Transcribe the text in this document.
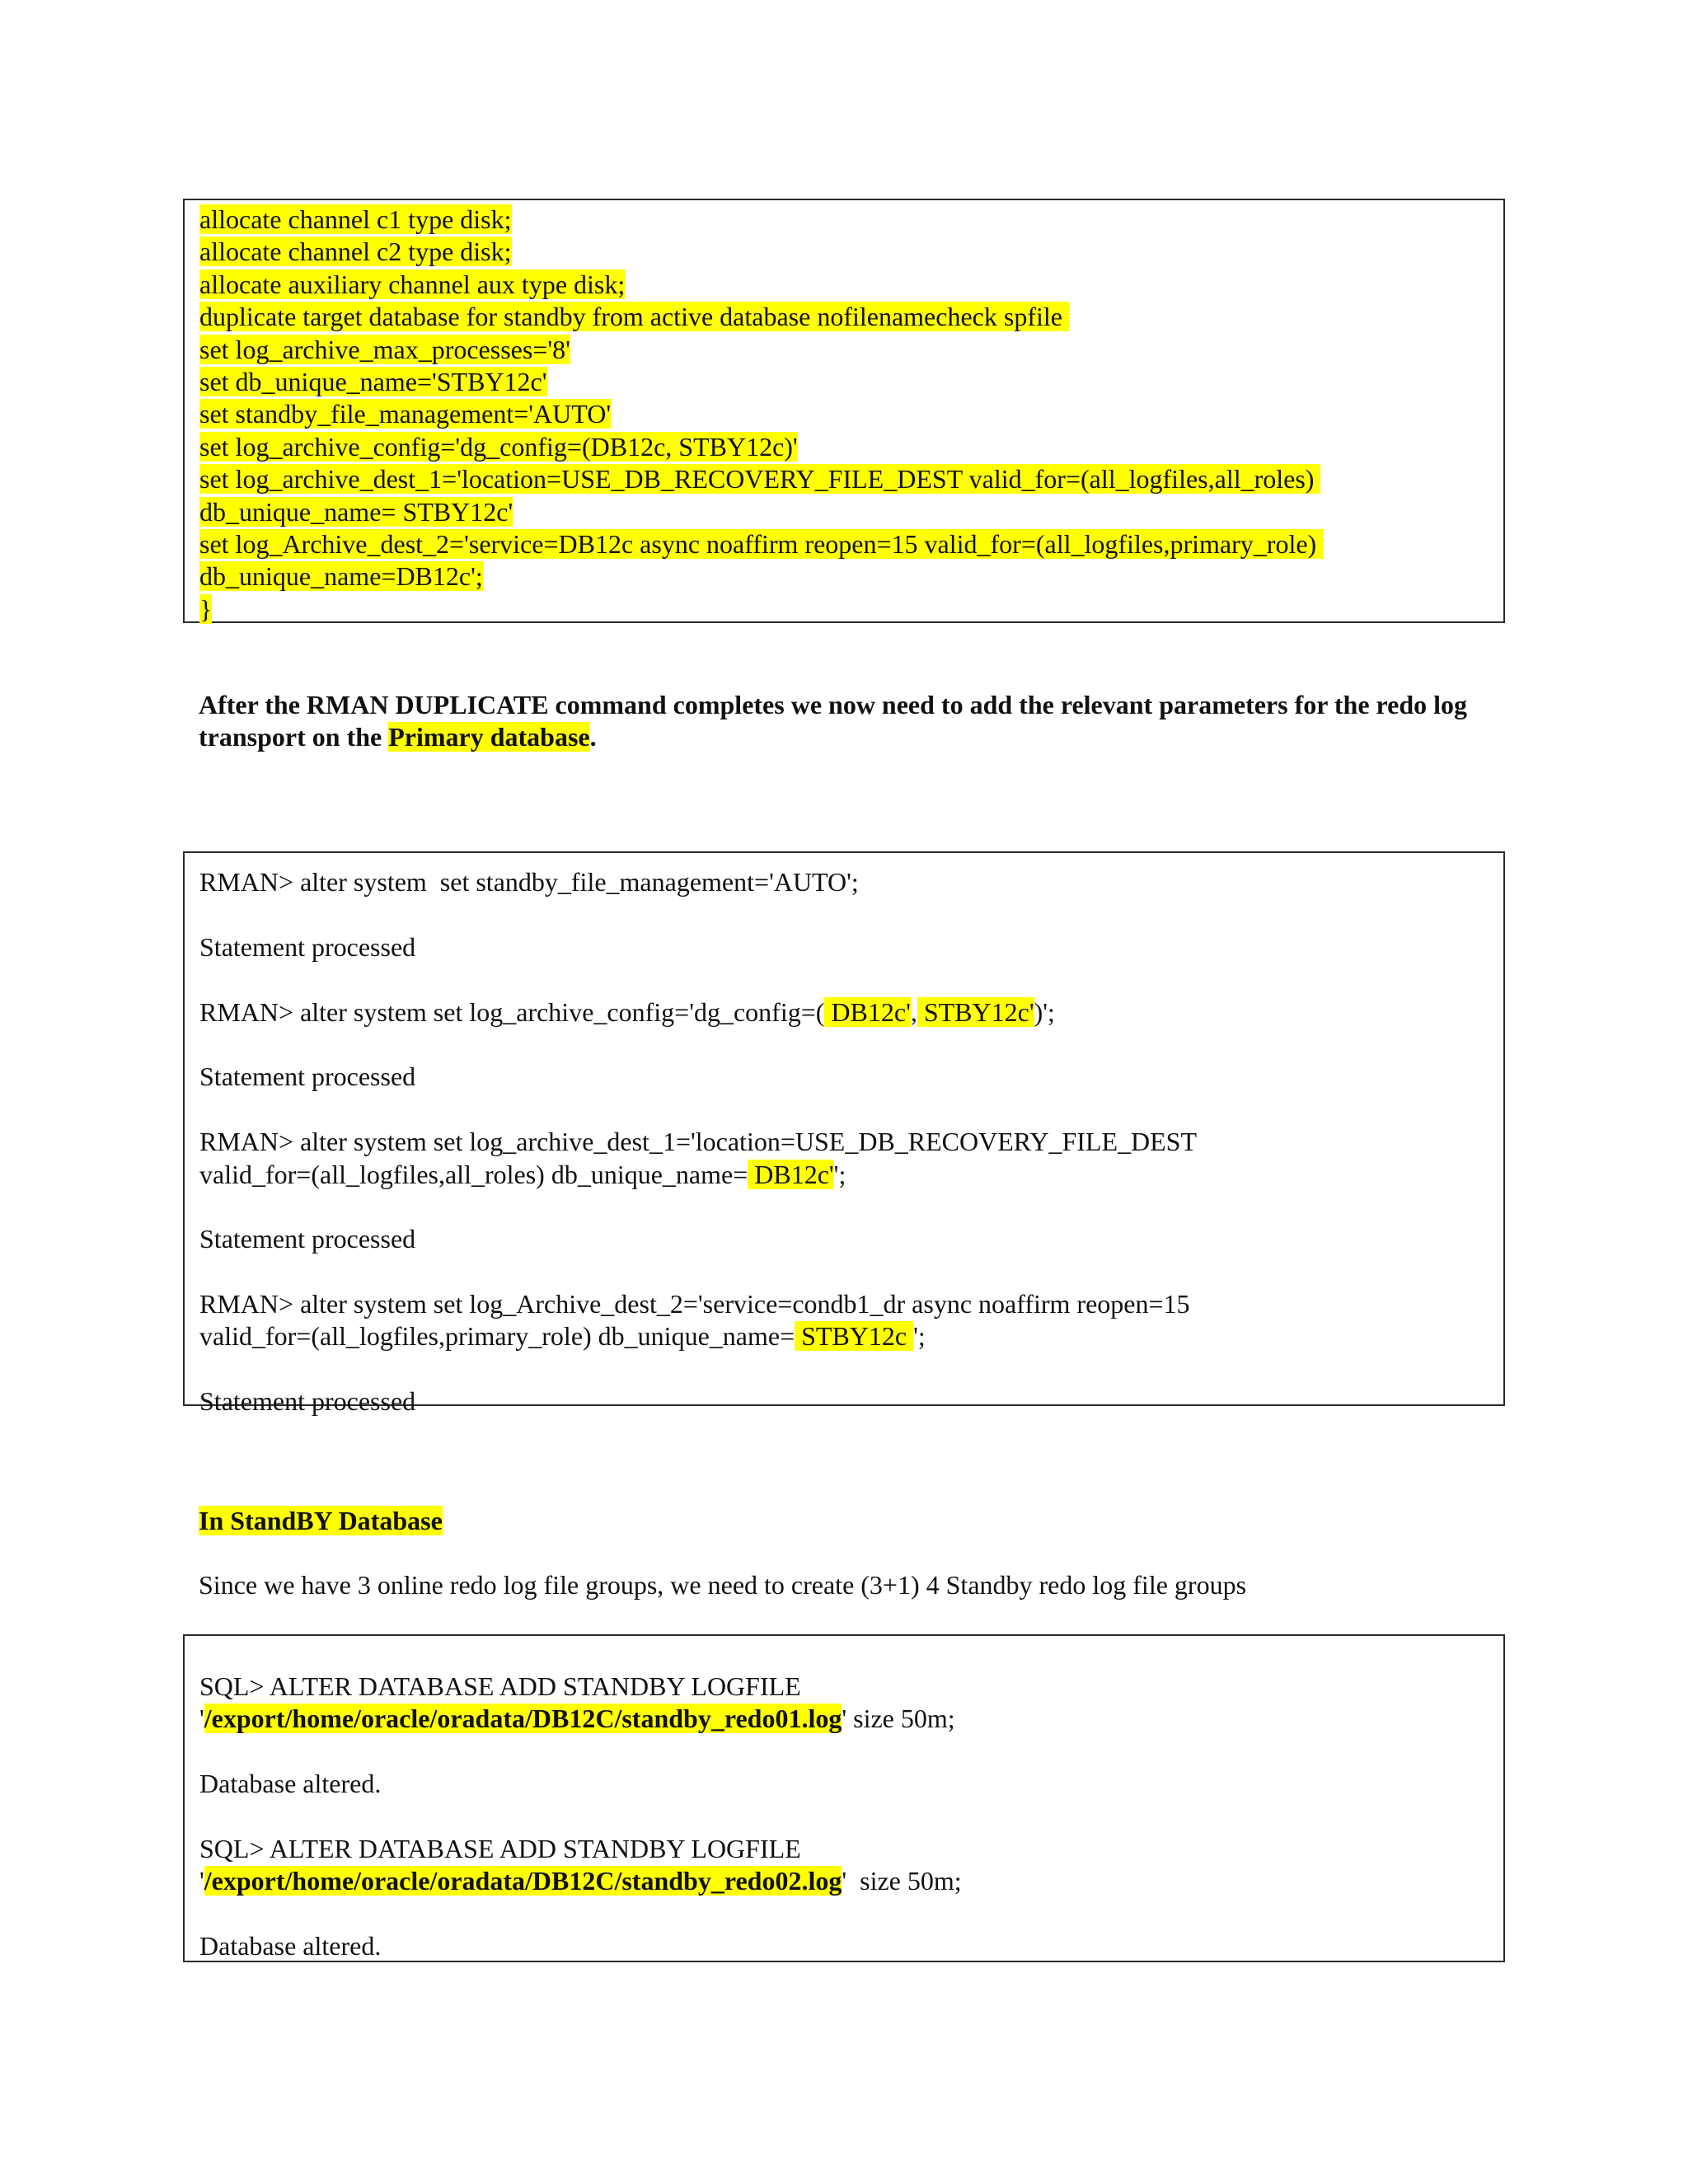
allocate channel c1 type disk;
allocate channel c2 type disk;
allocate auxiliary channel aux type disk;
duplicate target database for standby from active database nofilenamecheck spfile
set log_archive_max_processes='8'
set db_unique_name='STBY12c'
set standby_file_management='AUTO'
set log_archive_config='dg_config=(DB12c, STBY12c)'
set log_archive_dest_1='location=USE_DB_RECOVERY_FILE_DEST valid_for=(all_logfiles,all_roles)
db_unique_name= STBY12c'
set log_Archive_dest_2='service=DB12c async noaffirm reopen=15 valid_for=(all_logfiles,primary_role)
db_unique_name=DB12c';
}
After the RMAN DUPLICATE command completes we now need to add the relevant parameters for the redo log transport on the Primary database.
RMAN> alter system  set standby_file_management='AUTO';
Statement processed
RMAN> alter system set log_archive_config='dg_config=( DB12c', STBY12c')';
Statement processed
RMAN> alter system set log_archive_dest_1='location=USE_DB_RECOVERY_FILE_DEST
valid_for=(all_logfiles,all_roles) db_unique_name= DB12c'';
Statement processed
RMAN> alter system set log_Archive_dest_2='service=condb1_dr async noaffirm reopen=15
valid_for=(all_logfiles,primary_role) db_unique_name= STBY12c ';
Statement processed
In StandBY Database
Since we have 3 online redo log file groups, we need to create (3+1) 4 Standby redo log file groups
SQL> ALTER DATABASE ADD STANDBY LOGFILE
'/export/home/oracle/oradata/DB12C/standby_redo01.log' size 50m;
Database altered.
SQL> ALTER DATABASE ADD STANDBY LOGFILE
'/export/home/oracle/oradata/DB12C/standby_redo02.log'  size 50m;
Database altered.
